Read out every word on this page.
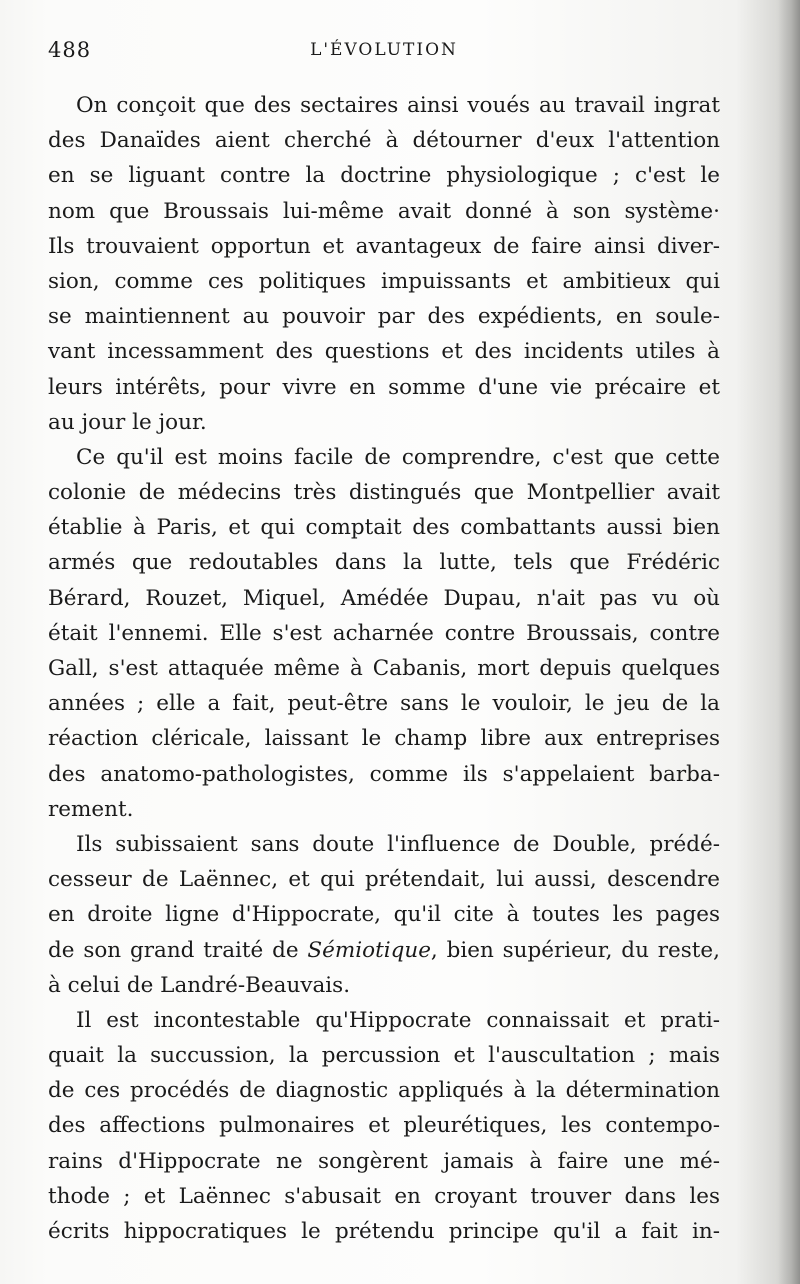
488	L'ÉVOLUTION
On conçoit que des sectaires ainsi voués au travail ingrat
des Danaïdes aient cherché à détourner d'eux l'attention
en se liguant contre la doctrine physiologique ; c'est le
nom que Broussais lui-même avait donné à son système·
Ils trouvaient opportun et avantageux de faire ainsi diver-
sion, comme ces politiques impuissants et ambitieux qui
se maintiennent au pouvoir par des expédients, en soule-
vant incessamment des questions et des incidents utiles à
leurs intérêts, pour vivre en somme d'une vie précaire et
au jour le jour.
Ce qu'il est moins facile de comprendre, c'est que cette
colonie de médecins très distingués que Montpellier avait
établie à Paris, et qui comptait des combattants aussi bien
armés que redoutables dans la lutte, tels que Frédéric
Bérard, Rouzet, Miquel, Amédée Dupau, n'ait pas vu où
était l'ennemi. Elle s'est acharnée contre Broussais, contre
Gall, s'est attaquée même à Cabanis, mort depuis quelques
années ; elle a fait, peut-être sans le vouloir, le jeu de la
réaction cléricale, laissant le champ libre aux entreprises
des anatomo-pathologistes, comme ils s'appelaient barba-
rement.
Ils subissaient sans doute l'influence de Double, prédé-
cesseur de Laënnec, et qui prétendait, lui aussi, descendre
en droite ligne d'Hippocrate, qu'il cite à toutes les pages
de son grand traité de Sémiotique, bien supérieur, du reste,
à celui de Landré-Beauvais.
Il est incontestable qu'Hippocrate connaissait et prati-
quait la succussion, la percussion et l'auscultation ; mais
de ces procédés de diagnostic appliqués à la détermination
des affections pulmonaires et pleurétiques, les contempo-
rains d'Hippocrate ne songèrent jamais à faire une mé-
thode ; et Laënnec s'abusait en croyant trouver dans les
écrits hippocratiques le prétendu principe qu'il a fait in-
